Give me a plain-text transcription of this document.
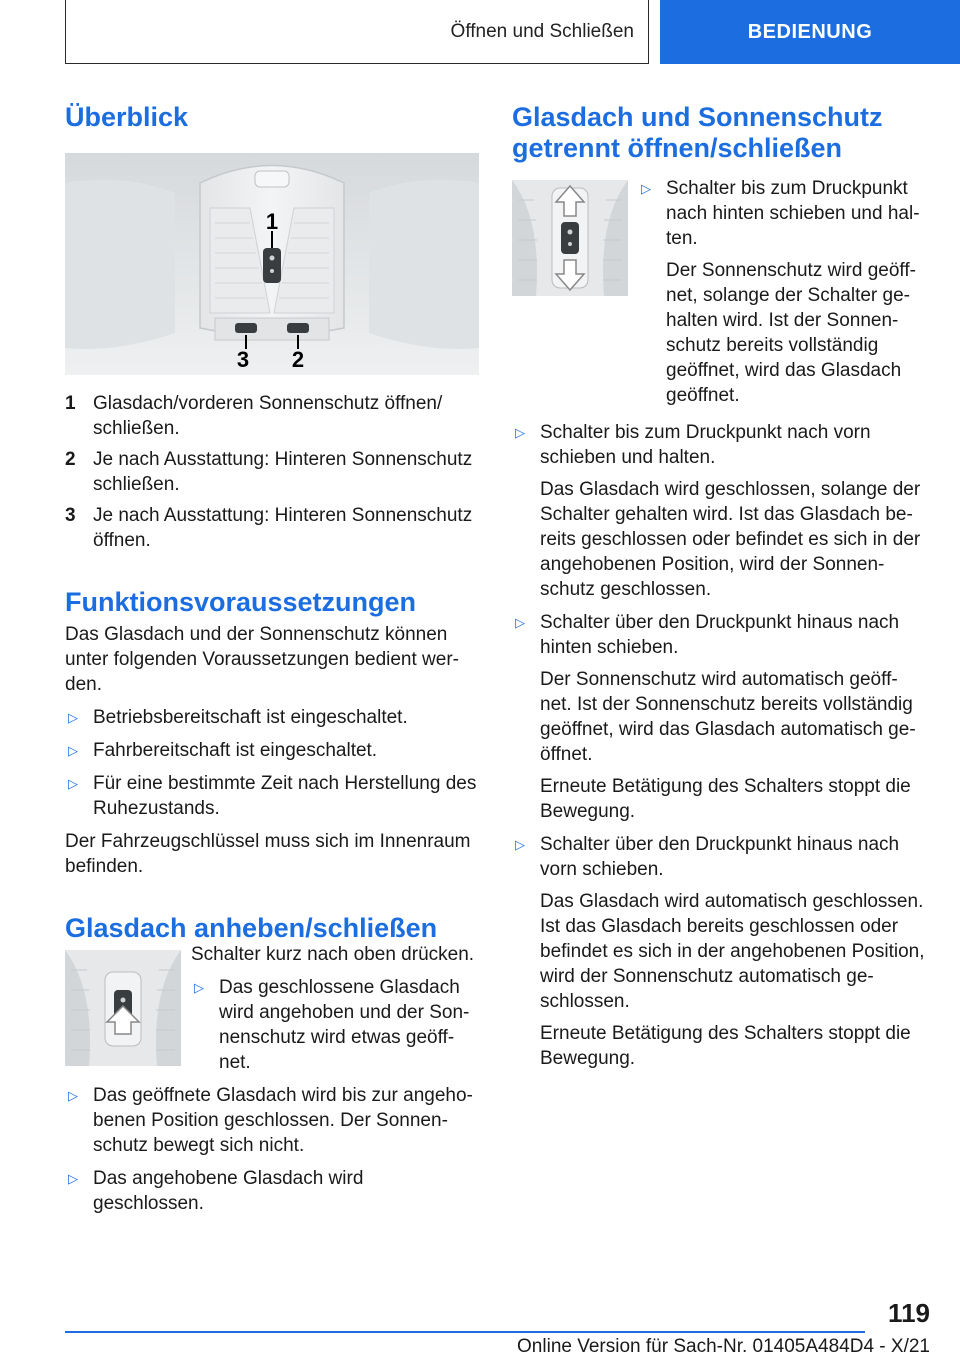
Öffnen und Schließen	BEDIENUNG
Überblick
1
3 2
1 Glasdach/vorderen Sonnenschutz öffnen/ schließen.
2 Je nach Ausstattung: Hinteren Sonnenschutz schließen.
3 Je nach Ausstattung: Hinteren Sonnenschutz öffnen.
Funktionsvoraussetzungen
Das Glasdach und der Sonnenschutz können unter folgenden Voraussetzungen bedient wer- den.
▷ Betriebsbereitschaft ist eingeschaltet.
▷ Fahrbereitschaft ist eingeschaltet.
▷ Für eine bestimmte Zeit nach Herstellung des Ruhezustands.
Der Fahrzeugschlüssel muss sich im Innenraum befinden.
Glasdach anheben/schließen
Schalter kurz nach oben drücken.
▷ Das geschlossene Glasdach wird angehoben und der Son- nenschutz wird etwas geöff- net.
▷ Das geöffnete Glasdach wird bis zur angeho- benen Position geschlossen. Der Sonnen- schutz bewegt sich nicht.
▷ Das angehobene Glasdach wird geschlossen.
Glasdach und Sonnenschutz getrennt öffnen/schließen
▷ Schalter bis zum Druckpunkt nach hinten schieben und hal- ten.
Der Sonnenschutz wird geöff- net, solange der Schalter ge- halten wird. Ist der Sonnen- schutz bereits vollständig geöffnet, wird das Glasdach geöffnet.
▷ Schalter bis zum Druckpunkt nach vorn schieben und halten.
Das Glasdach wird geschlossen, solange der Schalter gehalten wird. Ist das Glasdach be- reits geschlossen oder befindet es sich in der angehobenen Position, wird der Sonnen- schutz geschlossen.
▷ Schalter über den Druckpunkt hinaus nach hinten schieben.
Der Sonnenschutz wird automatisch geöff- net. Ist der Sonnenschutz bereits vollständig geöffnet, wird das Glasdach automatisch ge- öffnet.
Erneute Betätigung des Schalters stoppt die Bewegung.
▷ Schalter über den Druckpunkt hinaus nach vorn schieben.
Das Glasdach wird automatisch geschlossen. Ist das Glasdach bereits geschlossen oder befindet es sich in der angehobenen Position, wird der Sonnenschutz automatisch ge- schlossen.
Erneute Betätigung des Schalters stoppt die Bewegung.
119
Online Version für Sach-Nr. 01405A484D4 - X/21
